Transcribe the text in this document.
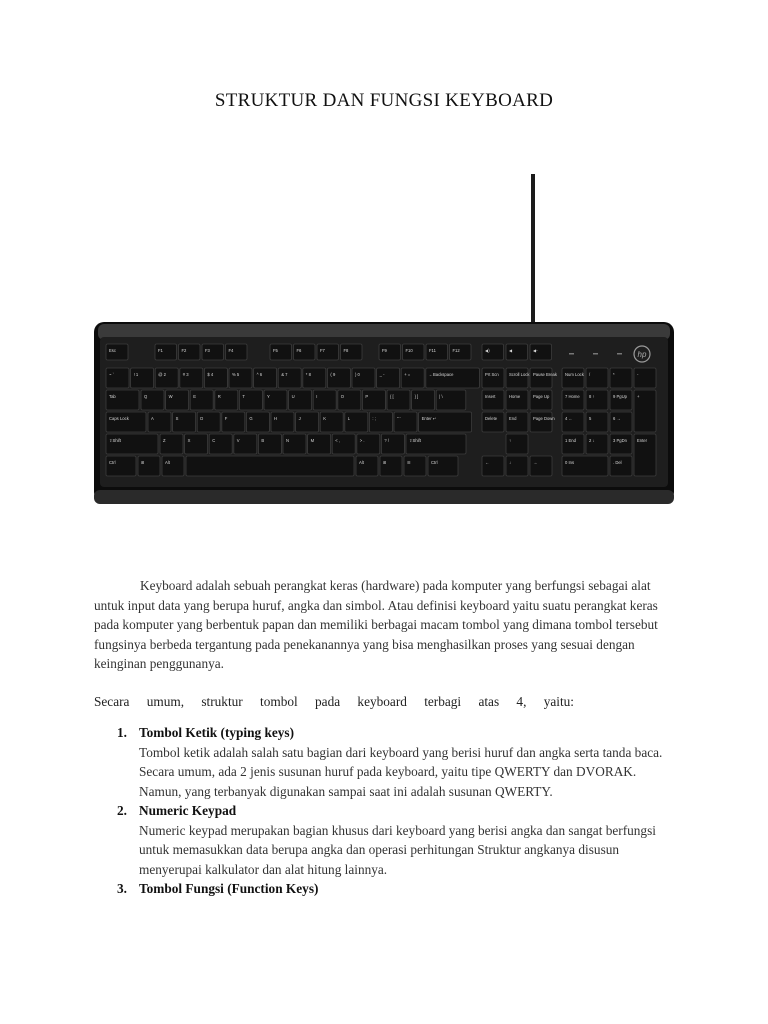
STRUKTUR DAN FUNGSI KEYBOARD
Esc	F1	F2	F3	F4	F5	F6	F7	F8	F9	F10	F11	F12	◀)	◀	◀-
~ `	! 1	@ 2	# 3	$ 4	% 5	^ 6	& 7	* 8	( 9	) 0	_ -	+ =	←Backspace
Tab	Q	W	E	R	T	Y	U	I	O	P	{ [	} ]	| \
Caps Lock	A	S	D	F	G	H	J	K	L	: ;	" '	Enter ↵
⇧Shift	Z	X	C	V	B	N	M	< ,	> .	? /	⇧Shift
Ctrl	⊞	Alt	Alt	⊞	☰	Ctrl
Prt Scn Scroll Lock Pause Break
Insert	Home	Page Up
Delete	End	Page Down
↑
←	↓	→
Num Lock /	*	-
7 Home 8 ↑	9 PgUp +
4 ←	5	6 →
1 End	2 ↓	3 PgDn Enter
0 Ins	. Del
hp

Keyboard adalah sebuah perangkat keras (hardware) pada komputer yang berfungsi sebagai alat untuk input data yang berupa huruf, angka dan simbol. Atau definisi keyboard yaitu suatu perangkat keras pada komputer yang berbentuk papan dan memiliki berbagai macam tombol yang dimana tombol tersebut fungsinya berbeda tergantung pada penekanannya yang bisa menghasilkan proses yang sesuai dengan keinginan penggunanya.

Secara umum, struktur tombol pada keyboard terbagi atas 4, yaitu:

1. Tombol Ketik (typing keys)
Tombol ketik adalah salah satu bagian dari keyboard yang berisi huruf dan angka serta tanda baca. Secara umum, ada 2 jenis susunan huruf pada keyboard, yaitu tipe QWERTY dan DVORAK. Namun, yang terbanyak digunakan sampai saat ini adalah susunan QWERTY.
2. Numeric Keypad
Numeric keypad merupakan bagian khusus dari keyboard yang berisi angka dan sangat berfungsi untuk memasukkan data berupa angka dan operasi perhitungan Struktur angkanya disusun menyerupai kalkulator dan alat hitung lainnya.
3. Tombol Fungsi (Function Keys)
